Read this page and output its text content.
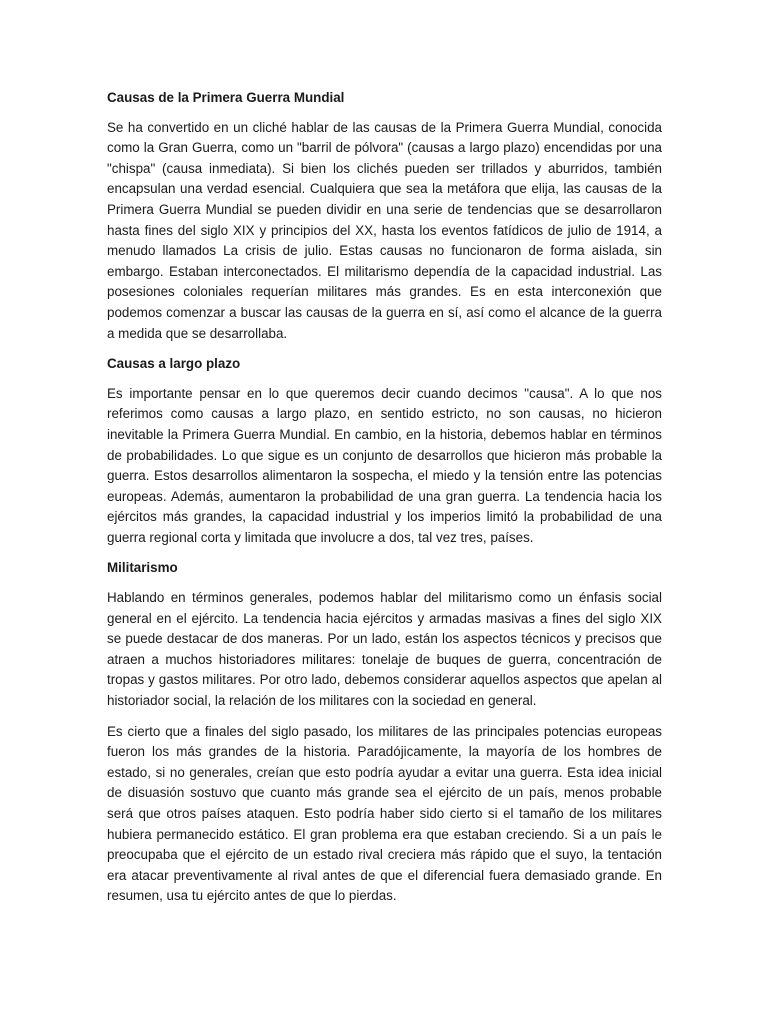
Causas de la Primera Guerra Mundial

Se ha convertido en un cliché hablar de las causas de la Primera Guerra Mundial, conocida como la Gran Guerra, como un "barril de pólvora" (causas a largo plazo) encendidas por una "chispa" (causa inmediata). Si bien los clichés pueden ser trillados y aburridos, también encapsulan una verdad esencial. Cualquiera que sea la metáfora que elija, las causas de la Primera Guerra Mundial se pueden dividir en una serie de tendencias que se desarrollaron hasta fines del siglo XIX y principios del XX, hasta los eventos fatídicos de julio de 1914, a menudo llamados La crisis de julio. Estas causas no funcionaron de forma aislada, sin embargo. Estaban interconectados. El militarismo dependía de la capacidad industrial. Las posesiones coloniales requerían militares más grandes. Es en esta interconexión que podemos comenzar a buscar las causas de la guerra en sí, así como el alcance de la guerra a medida que se desarrollaba.

Causas a largo plazo

Es importante pensar en lo que queremos decir cuando decimos "causa". A lo que nos referimos como causas a largo plazo, en sentido estricto, no son causas, no hicieron inevitable la Primera Guerra Mundial. En cambio, en la historia, debemos hablar en términos de probabilidades. Lo que sigue es un conjunto de desarrollos que hicieron más probable la guerra. Estos desarrollos alimentaron la sospecha, el miedo y la tensión entre las potencias europeas. Además, aumentaron la probabilidad de una gran guerra. La tendencia hacia los ejércitos más grandes, la capacidad industrial y los imperios limitó la probabilidad de una guerra regional corta y limitada que involucre a dos, tal vez tres, países.

Militarismo

Hablando en términos generales, podemos hablar del militarismo como un énfasis social general en el ejército. La tendencia hacia ejércitos y armadas masivas a fines del siglo XIX se puede destacar de dos maneras. Por un lado, están los aspectos técnicos y precisos que atraen a muchos historiadores militares: tonelaje de buques de guerra, concentración de tropas y gastos militares. Por otro lado, debemos considerar aquellos aspectos que apelan al historiador social, la relación de los militares con la sociedad en general.

Es cierto que a finales del siglo pasado, los militares de las principales potencias europeas fueron los más grandes de la historia. Paradójicamente, la mayoría de los hombres de estado, si no generales, creían que esto podría ayudar a evitar una guerra. Esta idea inicial de disuasión sostuvo que cuanto más grande sea el ejército de un país, menos probable será que otros países ataquen. Esto podría haber sido cierto si el tamaño de los militares hubiera permanecido estático. El gran problema era que estaban creciendo. Si a un país le preocupaba que el ejército de un estado rival creciera más rápido que el suyo, la tentación era atacar preventivamente al rival antes de que el diferencial fuera demasiado grande. En resumen, usa tu ejército antes de que lo pierdas.
